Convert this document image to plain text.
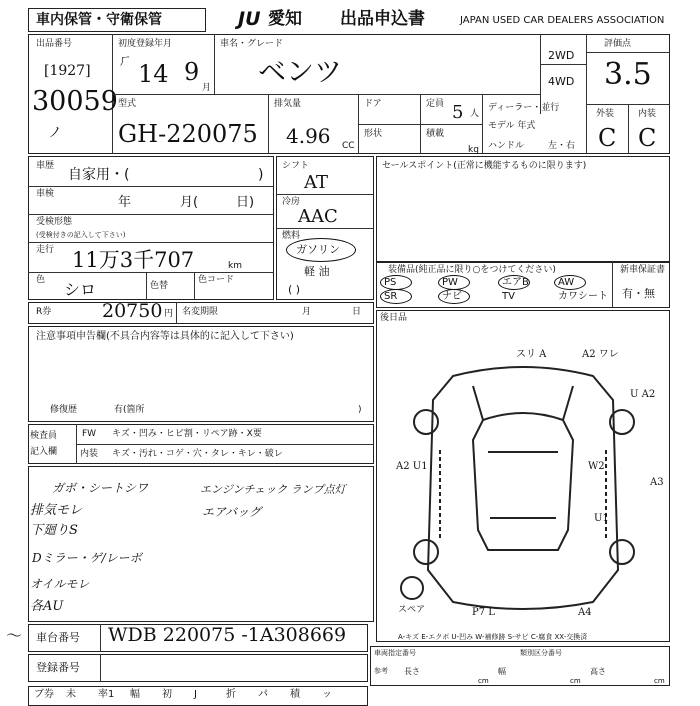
車内保管・守衛保管	JU 愛知 出品申込書	JAPAN USED CAR DEALERS ASSOCIATION
出品番号
[1927]
30059
ノ
初度登録年月
ㄏ 14 9
月
車名・グレード
ベンツ	2WD
4WD
評価点
3.5
外装	内装
C C
型式
GH-220075
排気量
4.96 CC
ドア	定員 5 人
形状	積載
kg
ディーラー・並行
モデル 年式
ハンドル	左・右
車歴
自家用・(	)
車検
年	月(	日)
受検形態
(受検付きの記入して下さい)
走行 11万3千707	km
色 シロ	色替
色コード
シフト
AT
冷房
AAC
燃料
ガソリン
軽 油
( )
セールスポイント(正常に機能するものに限ります)
装備品(純正品に限り○をつけてください)	新車保証書
有・無
PS	PW	エアB	AW
SR	ナビ	TV	カワシート
R券	20750 円 名変期限	月	日
注意事項申告欄(不具合内容等は具体的に記入して下さい)
修復歴	有(箇所	)
検査員
記入欄
FW キズ・凹み・ヒビ割・リペア跡・X要
内装 キズ・汚れ・コゲ・穴・タレ・キレ・破レ
ガボ・シートシワ	エンジンチェック ランプ点灯
排気モレ	エアバッグ
下廻りS
Dミラー・ゲ/レーボ
オイルモレ
各AU
後日品
スリ A	A2 ワレ
U A2
A2 U1	W2
A3
U1
P7 L	A4
スペア
A-キズ E-エクボ U-凹み W-補修跡 S-サビ C-腐食 XX-交換済
〜 車台番号 WDB 220075 -1A308669
登録番号
車両指定番号	類別区分番号
参考 長さ
cm
幅
cm
高さ
cm
ブ券 未 率1 幅 初 J	折 パ 積 ッ
